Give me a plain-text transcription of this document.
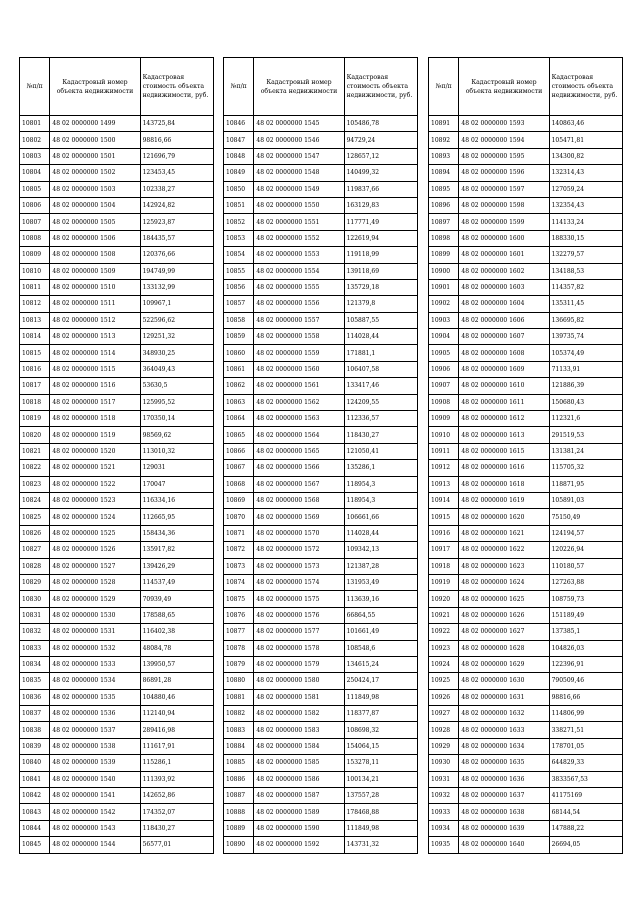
№п/п	Кадастровый номер объекта недвижимости	Кадастровая стоимость объекта недвижимости, руб.
10801	48 02 0000000 1499	143725,84
10802	48 02 0000000 1500	98816,66
10803	48 02 0000000 1501	121696,79
10804	48 02 0000000 1502	123453,45
10805	48 02 0000000 1503	102338,27
10806	48 02 0000000 1504	142924,82
10807	48 02 0000000 1505	125923,87
10808	48 02 0000000 1506	184435,57
10809	48 02 0000000 1508	120376,66
10810	48 02 0000000 1509	194749,99
10811	48 02 0000000 1510	133132,99
10812	48 02 0000000 1511	109967,1
10813	48 02 0000000 1512	522596,62
10814	48 02 0000000 1513	129251,32
10815	48 02 0000000 1514	348930,25
10816	48 02 0000000 1515	364049,43
10817	48 02 0000000 1516	53630,5
10818	48 02 0000000 1517	125995,52
10819	48 02 0000000 1518	170350,14
10820	48 02 0000000 1519	98569,62
10821	48 02 0000000 1520	113010,32
10822	48 02 0000000 1521	129031
10823	48 02 0000000 1522	170047
10824	48 02 0000000 1523	116334,16
10825	48 02 0000000 1524	112665,95
10826	48 02 0000000 1525	158434,36
10827	48 02 0000000 1526	135917,82
10828	48 02 0000000 1527	139426,29
10829	48 02 0000000 1528	114537,49
10830	48 02 0000000 1529	70939,49
10831	48 02 0000000 1530	178588,65
10832	48 02 0000000 1531	116402,38
10833	48 02 0000000 1532	48084,78
10834	48 02 0000000 1533	139950,57
10835	48 02 0000000 1534	86891,28
10836	48 02 0000000 1535	104880,46
10837	48 02 0000000 1536	112140,94
10838	48 02 0000000 1537	289416,98
10839	48 02 0000000 1538	111617,91
10840	48 02 0000000 1539	115286,1
10841	48 02 0000000 1540	111393,92
10842	48 02 0000000 1541	142652,86
10843	48 02 0000000 1542	174352,07
10844	48 02 0000000 1543	118430,27
10845	48 02 0000000 1544	56577,01
№п/п	Кадастровый номер объекта недвижимости	Кадастровая стоимость объекта недвижимости, руб.
10846	48 02 0000000 1545	105486,78
10847	48 02 0000000 1546	94729,24
10848	48 02 0000000 1547	128657,12
10849	48 02 0000000 1548	140499,32
10850	48 02 0000000 1549	119837,66
10851	48 02 0000000 1550	163129,83
10852	48 02 0000000 1551	117771,49
10853	48 02 0000000 1552	122619,94
10854	48 02 0000000 1553	119118,99
10855	48 02 0000000 1554	139118,69
10856	48 02 0000000 1555	135729,18
10857	48 02 0000000 1556	121379,8
10858	48 02 0000000 1557	105887,55
10859	48 02 0000000 1558	114028,44
10860	48 02 0000000 1559	171881,1
10861	48 02 0000000 1560	106407,58
10862	48 02 0000000 1561	133417,46
10863	48 02 0000000 1562	124209,55
10864	48 02 0000000 1563	112336,57
10865	48 02 0000000 1564	118430,27
10866	48 02 0000000 1565	121050,41
10867	48 02 0000000 1566	135286,1
10868	48 02 0000000 1567	118954,3
10869	48 02 0000000 1568	118954,3
10870	48 02 0000000 1569	106661,66
10871	48 02 0000000 1570	114028,44
10872	48 02 0000000 1572	109342,13
10873	48 02 0000000 1573	121387,28
10874	48 02 0000000 1574	131953,49
10875	48 02 0000000 1575	113639,16
10876	48 02 0000000 1576	66864,55
10877	48 02 0000000 1577	101661,49
10878	48 02 0000000 1578	108548,6
10879	48 02 0000000 1579	134615,24
10880	48 02 0000000 1580	250424,17
10881	48 02 0000000 1581	111849,98
10882	48 02 0000000 1582	118377,87
10883	48 02 0000000 1583	108698,32
10884	48 02 0000000 1584	154064,15
10885	48 02 0000000 1585	153278,11
10886	48 02 0000000 1586	100134,21
10887	48 02 0000000 1587	137557,28
10888	48 02 0000000 1589	178468,88
10889	48 02 0000000 1590	111849,98
10890	48 02 0000000 1592	143731,32
№п/п	Кадастровый номер объекта недвижимости	Кадастровая стоимость объекта недвижимости, руб.
10891	48 02 0000000 1593	140863,46
10892	48 02 0000000 1594	105471,81
10893	48 02 0000000 1595	134300,82
10894	48 02 0000000 1596	132314,43
10895	48 02 0000000 1597	127059,24
10896	48 02 0000000 1598	132354,43
10897	48 02 0000000 1599	114133,24
10898	48 02 0000000 1600	188330,15
10899	48 02 0000000 1601	132279,57
10900	48 02 0000000 1602	134188,53
10901	48 02 0000000 1603	114357,82
10902	48 02 0000000 1604	135311,45
10903	48 02 0000000 1606	136695,82
10904	48 02 0000000 1607	139735,74
10905	48 02 0000000 1608	105374,49
10906	48 02 0000000 1609	71133,91
10907	48 02 0000000 1610	121886,39
10908	48 02 0000000 1611	150680,43
10909	48 02 0000000 1612	112321,6
10910	48 02 0000000 1613	291519,53
10911	48 02 0000000 1615	131381,24
10912	48 02 0000000 1616	115705,32
10913	48 02 0000000 1618	118871,95
10914	48 02 0000000 1619	105891,03
10915	48 02 0000000 1620	75150,49
10916	48 02 0000000 1621	124194,57
10917	48 02 0000000 1622	120226,94
10918	48 02 0000000 1623	110180,57
10919	48 02 0000000 1624	127263,88
10920	48 02 0000000 1625	108759,73
10921	48 02 0000000 1626	151189,49
10922	48 02 0000000 1627	137385,1
10923	48 02 0000000 1628	104826,03
10924	48 02 0000000 1629	122396,91
10925	48 02 0000000 1630	790509,46
10926	48 02 0000000 1631	98816,66
10927	48 02 0000000 1632	114806,99
10928	48 02 0000000 1633	338271,51
10929	48 02 0000000 1634	178701,05
10930	48 02 0000000 1635	644829,33
10931	48 02 0000000 1636	3833567,53
10932	48 02 0000000 1637	41175169
10933	48 02 0000000 1638	68144,54
10934	48 02 0000000 1639	147888,22
10935	48 02 0000000 1640	26694,05
